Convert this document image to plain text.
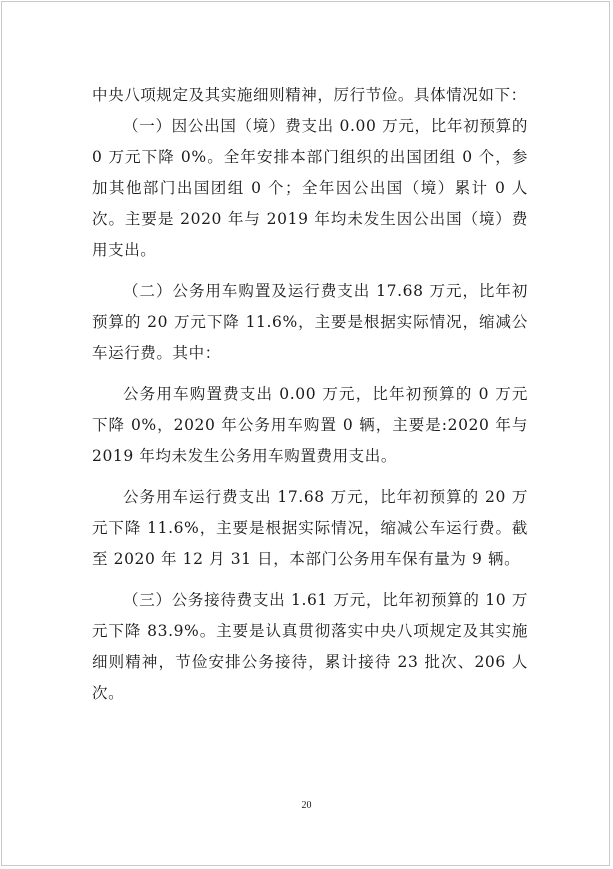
中央八项规定及其实施细则精神，厉行节俭。具体情况如下：

（一）因公出国（境）费支出 0.00 万元，比年初预算的 0 万元下降 0%。全年安排本部门组织的出国团组 0 个，参加其他部门出国团组 0 个；全年因公出国（境）累计 0 人次。主要是 2020 年与 2019 年均未发生因公出国（境）费用支出。

（二）公务用车购置及运行费支出 17.68 万元，比年初预算的 20 万元下降 11.6%，主要是根据实际情况，缩减公车运行费。其中：

公务用车购置费支出 0.00 万元，比年初预算的 0 万元下降 0%，2020 年公务用车购置 0 辆，主要是:2020 年与 2019 年均未发生公务用车购置费用支出。

公务用车运行费支出 17.68 万元，比年初预算的 20 万元下降 11.6%，主要是根据实际情况，缩减公车运行费。截至 2020 年 12 月 31 日，本部门公务用车保有量为 9 辆。

（三）公务接待费支出 1.61 万元，比年初预算的 10 万元下降 83.9%。主要是认真贯彻落实中央八项规定及其实施细则精神，节俭安排公务接待，累计接待 23 批次、206 人次。

20
